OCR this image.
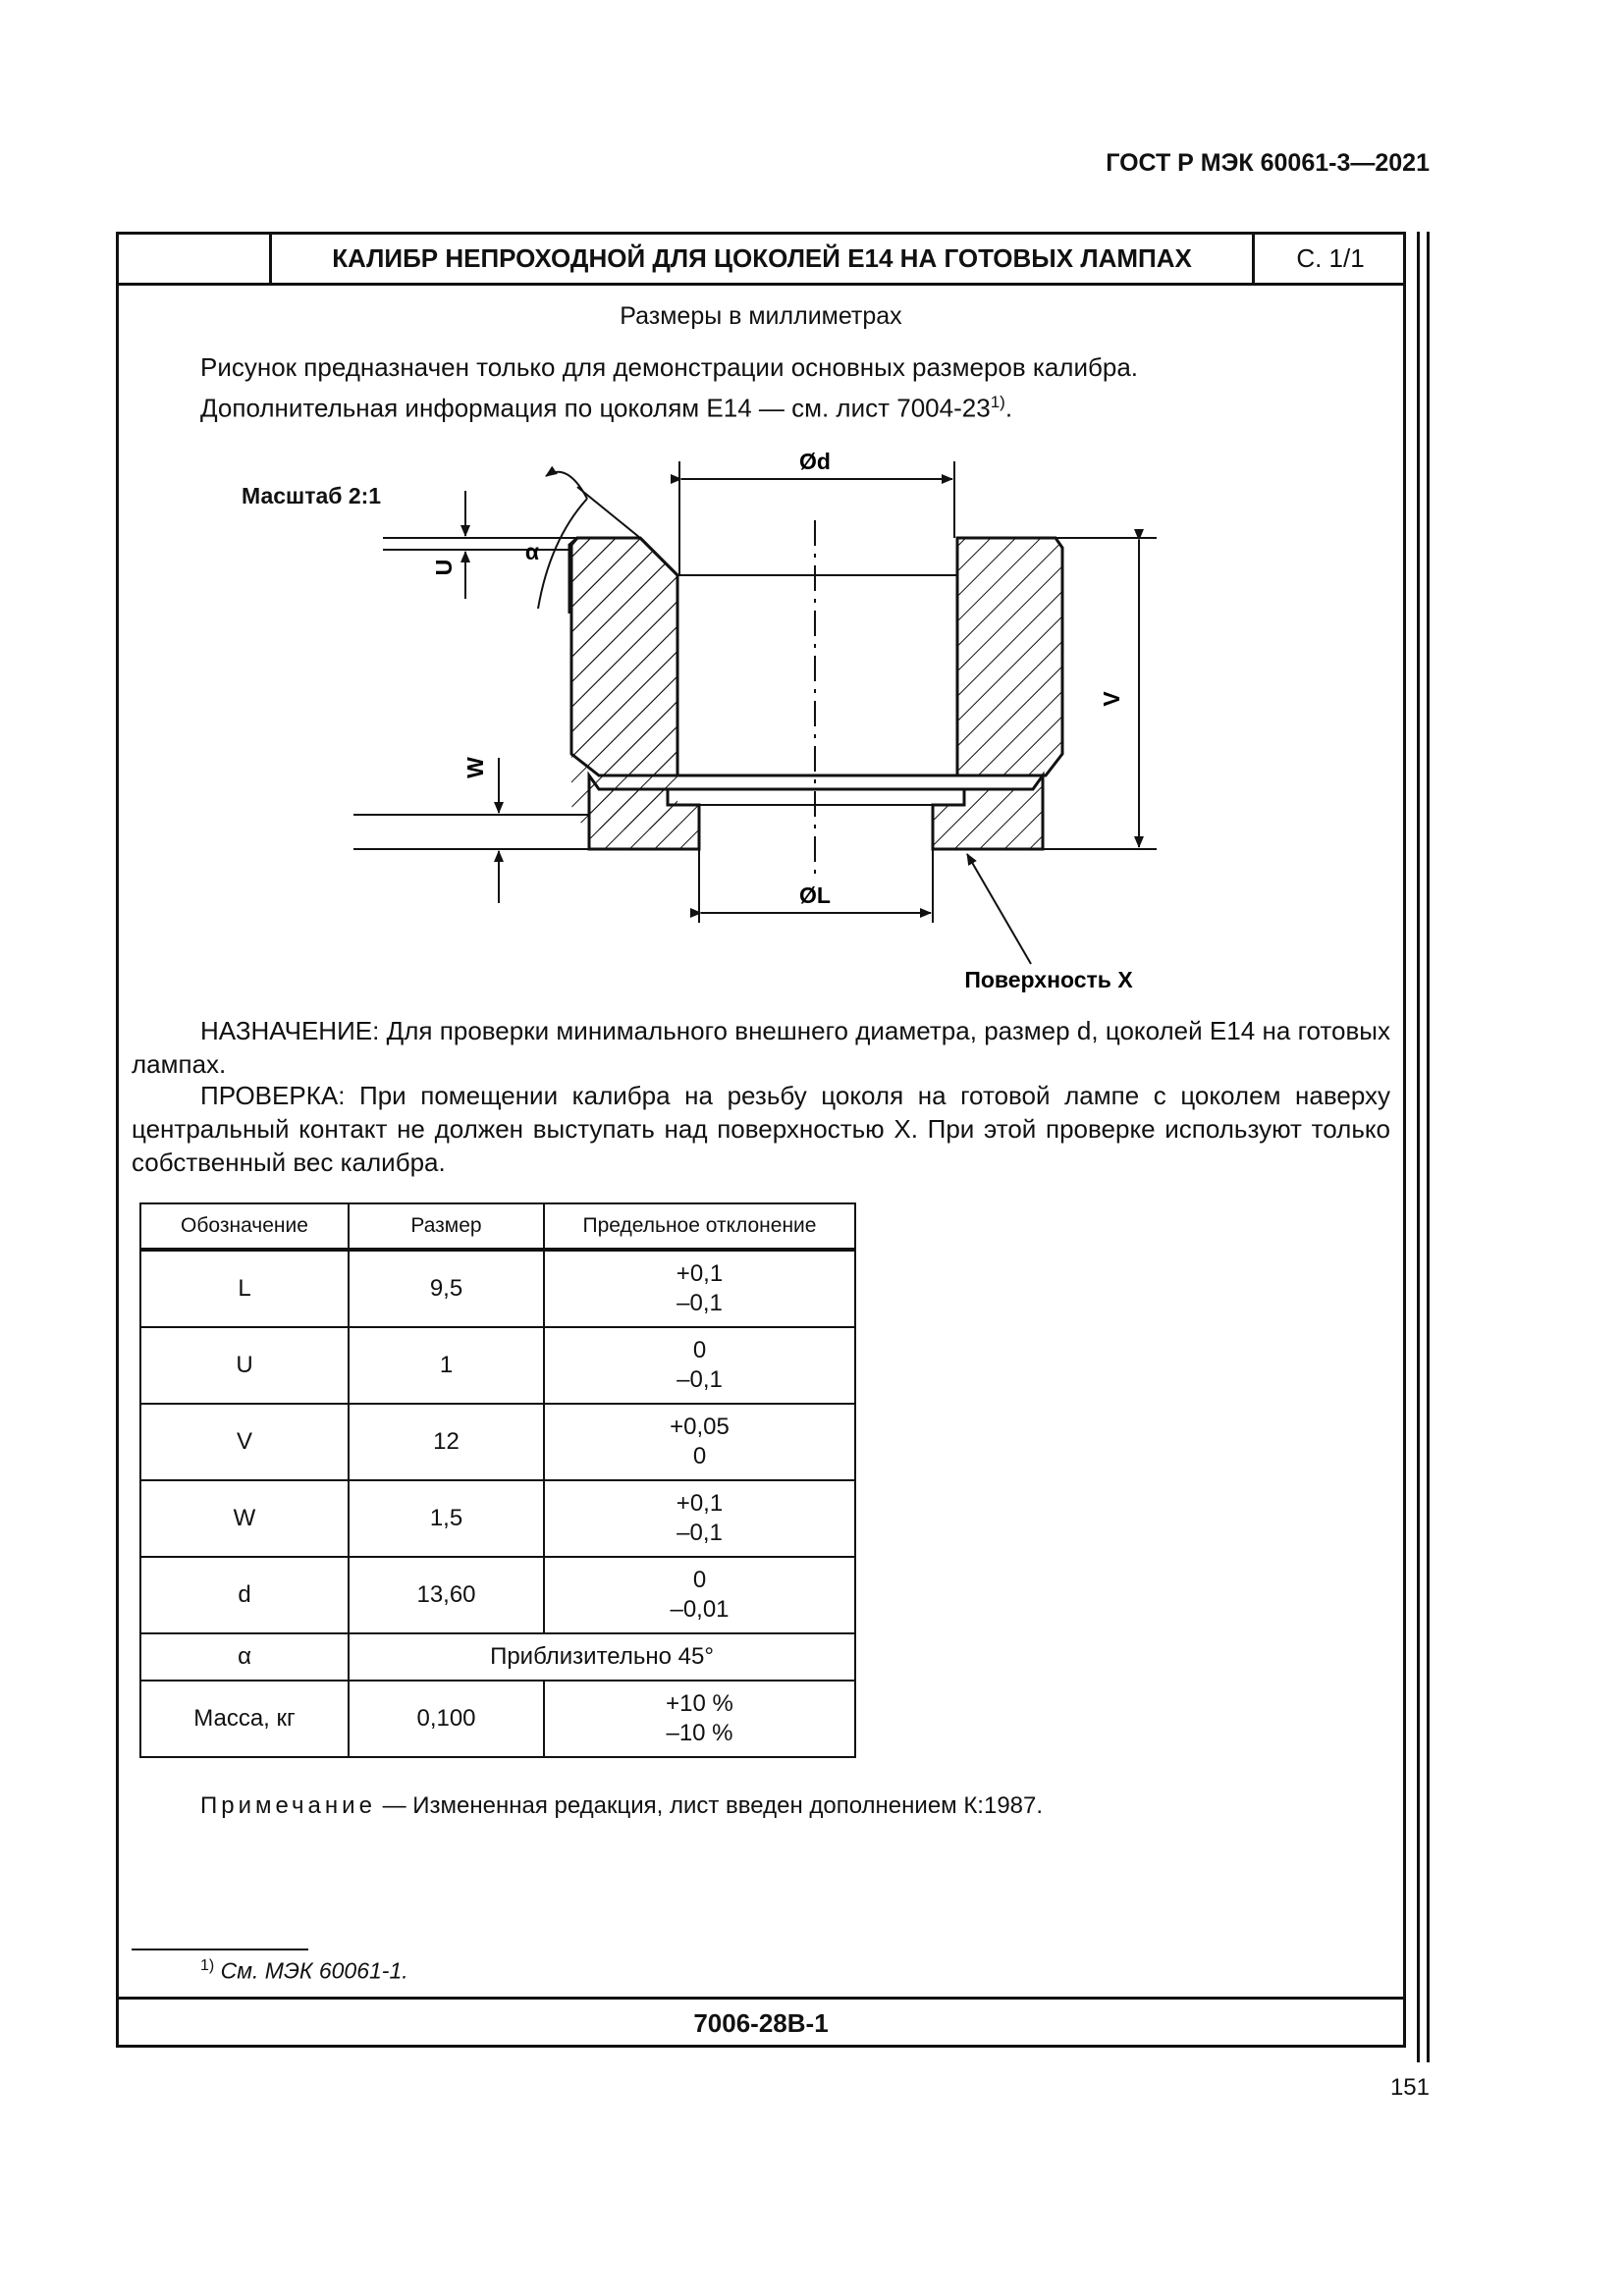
ГОСТ Р МЭК 60061-3—2021
КАЛИБР НЕПРОХОДНОЙ ДЛЯ ЦОКОЛЕЙ E14 НА ГОТОВЫХ ЛАМПАХ	С. 1/1
Размеры в миллиметрах
Рисунок предназначен только для демонстрации основных размеров калибра.
Дополнительная информация по цоколям E14 — см. лист 7004-23$^{1)}$.
Масштаб 2:1
Ød
ØL
V
U
W
α
Поверхность X
НАЗНАЧЕНИЕ: Для проверки минимального внешнего диаметра, размер d, цоколей E14 на готовых лампах.
ПРОВЕРКА: При помещении калибра на резьбу цоколя на готовой лампе с цоколем наверху центральный контакт не должен выступать над поверхностью X. При этой проверке используют только собственный вес калибра.
Обозначение	Размер	Предельное отклонение
L	9,5	+0,1
–0,1

U	1	0
–0,1

V	12	+0,05
0

W	1,5	+0,1
–0,1

d	13,60	0
–0,01

α	Приблизительно 45°	
Масса, кг	0,100	+10 %
–10 %
Примечание — Измененная редакция, лист введен дополнением К:1987.
$^{1)}$ См. МЭК 60061-1.
7006-28B-1
151
